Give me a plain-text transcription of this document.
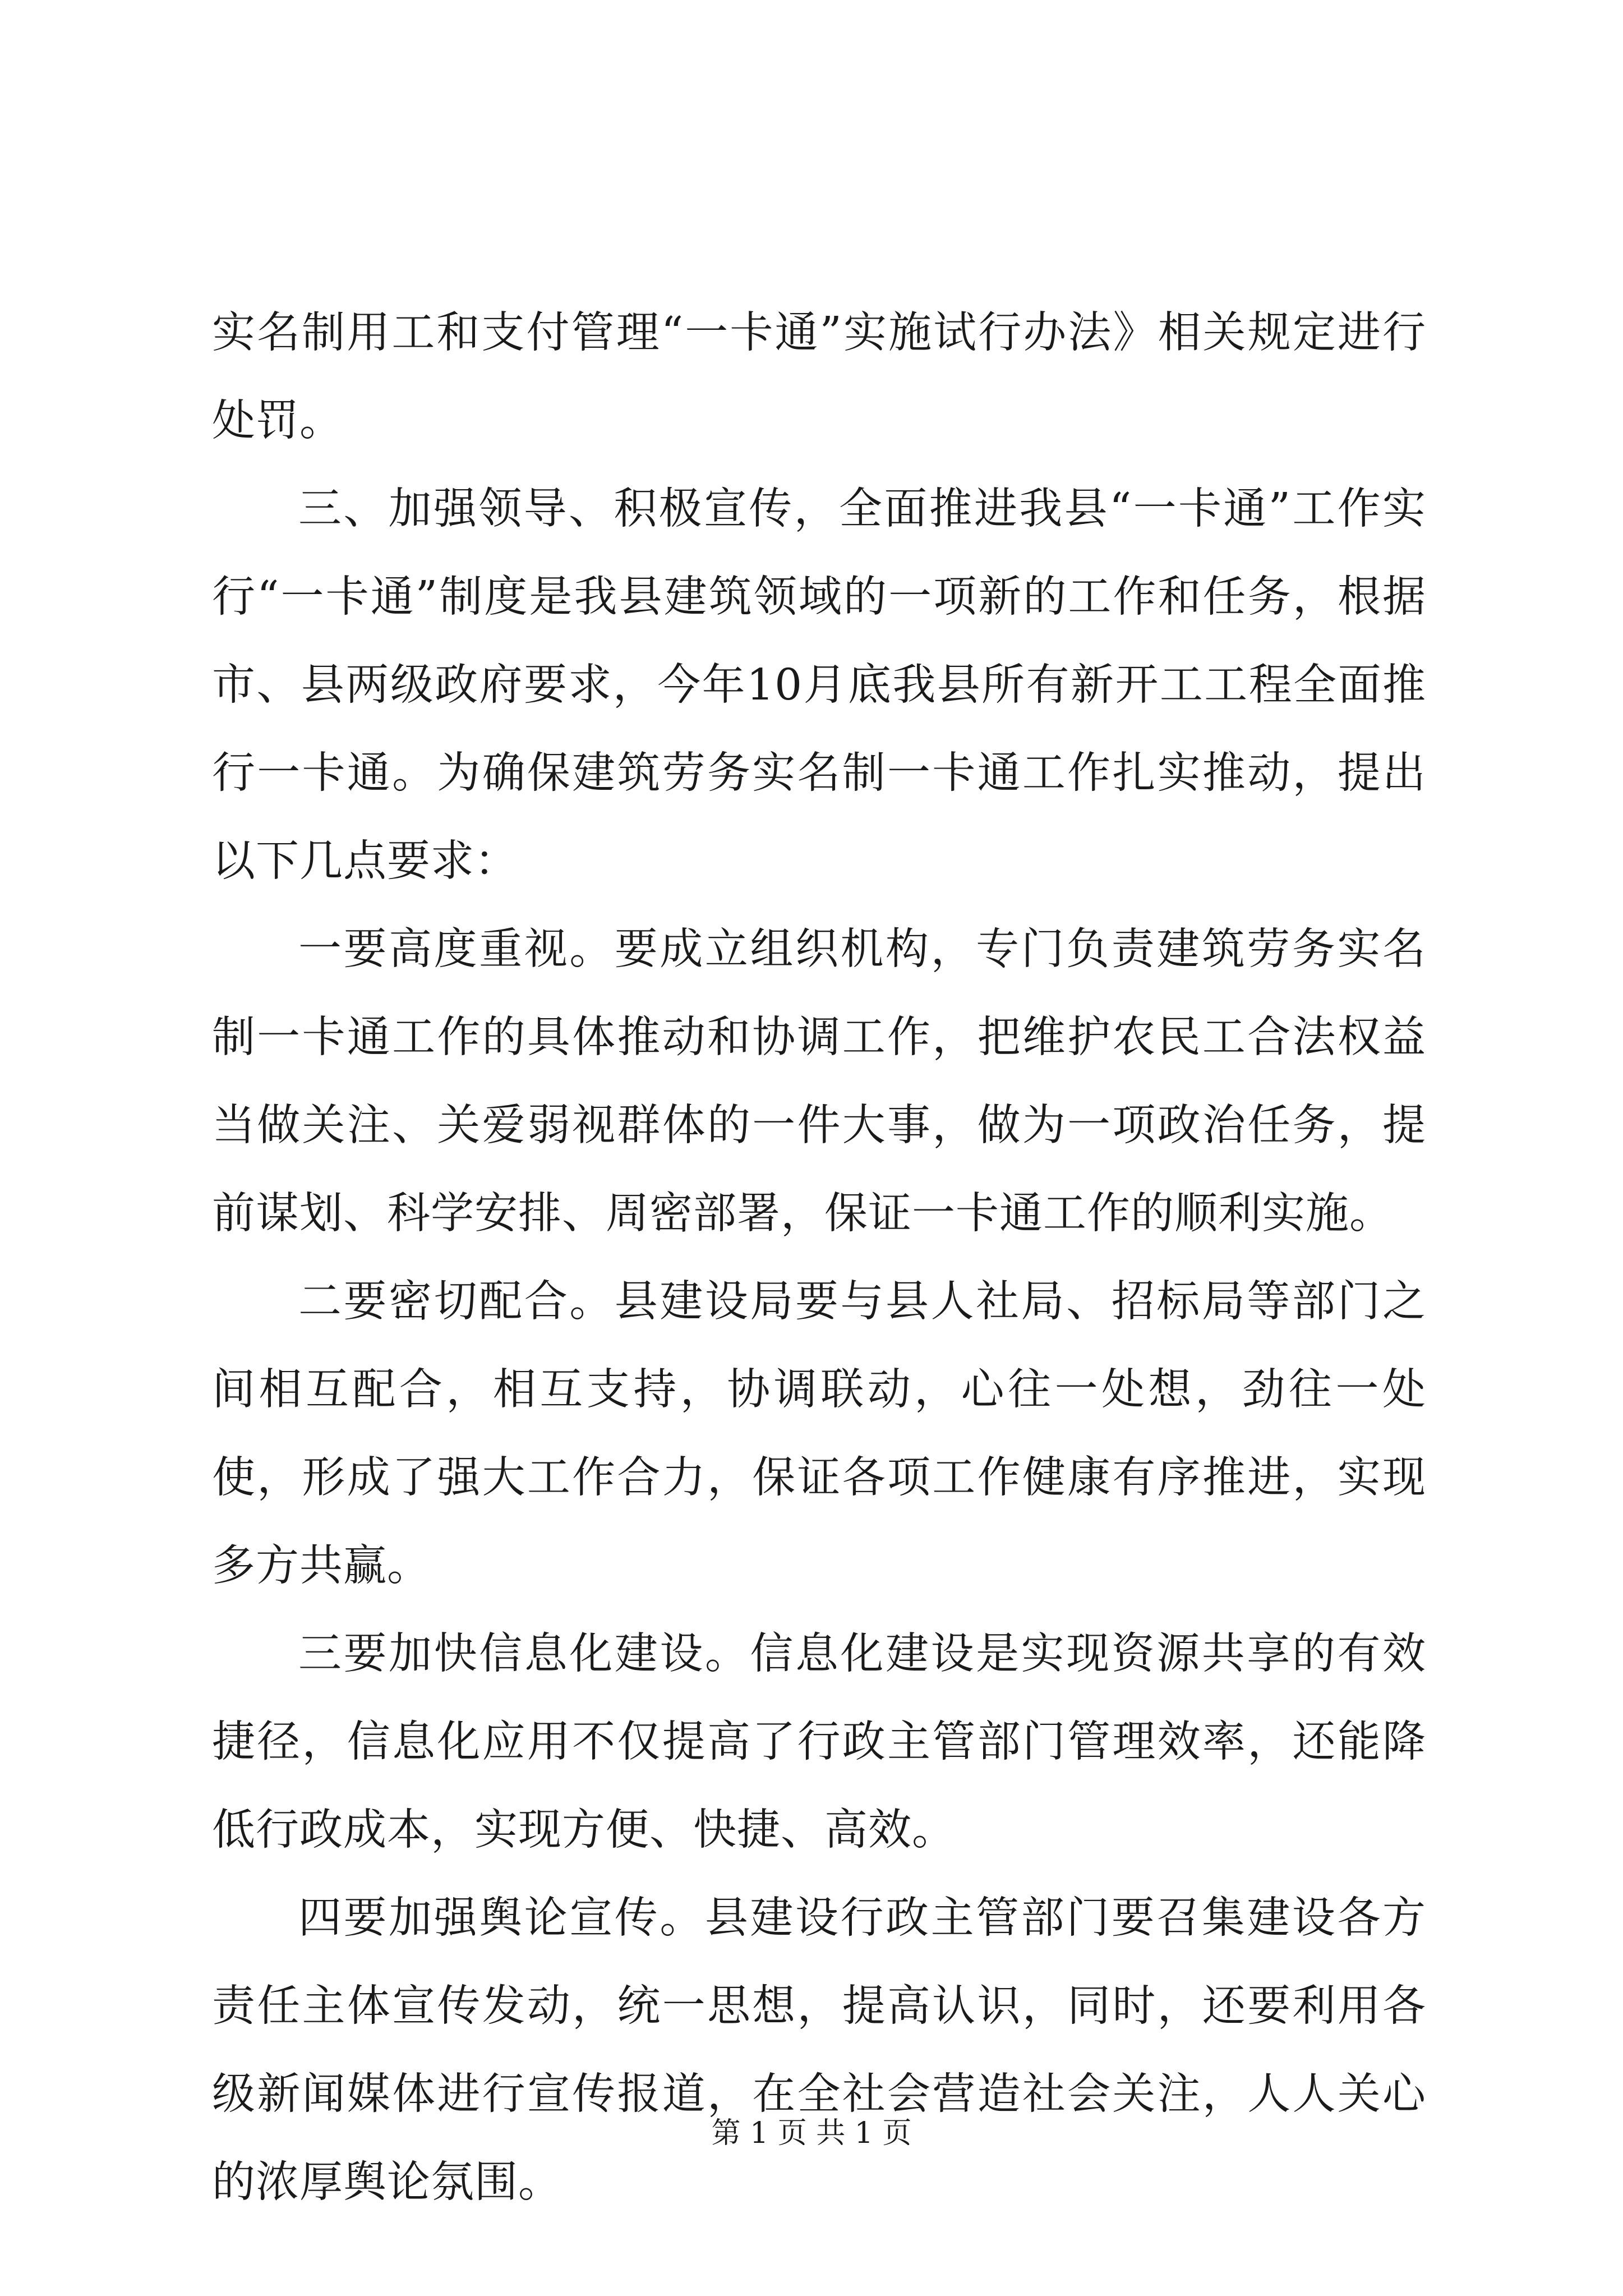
实名制用工和支付管理“一卡通”实施试行办法》相关规定进行处罚。

三、加强领导、积极宣传，全面推进我县“一卡通”工作实行“一卡通”制度是我县建筑领域的一项新的工作和任务，根据市、县两级政府要求，今年10月底我县所有新开工工程全面推行一卡通。为确保建筑劳务实名制一卡通工作扎实推动，提出以下几点要求：

一要高度重视。要成立组织机构，专门负责建筑劳务实名制一卡通工作的具体推动和协调工作，把维护农民工合法权益当做关注、关爱弱视群体的一件大事，做为一项政治任务，提前谋划、科学安排、周密部署，保证一卡通工作的顺利实施。

二要密切配合。县建设局要与县人社局、招标局等部门之间相互配合，相互支持，协调联动，心往一处想，劲往一处使，形成了强大工作合力，保证各项工作健康有序推进，实现多方共赢。

三要加快信息化建设。信息化建设是实现资源共享的有效捷径，信息化应用不仅提高了行政主管部门管理效率，还能降低行政成本，实现方便、快捷、高效。

四要加强舆论宣传。县建设行政主管部门要召集建设各方责任主体宣传发动，统一思想，提高认识，同时，还要利用各级新闻媒体进行宣传报道，在全社会营造社会关注，人人关心的浓厚舆论氛围。

第 1 页 共 1 页
